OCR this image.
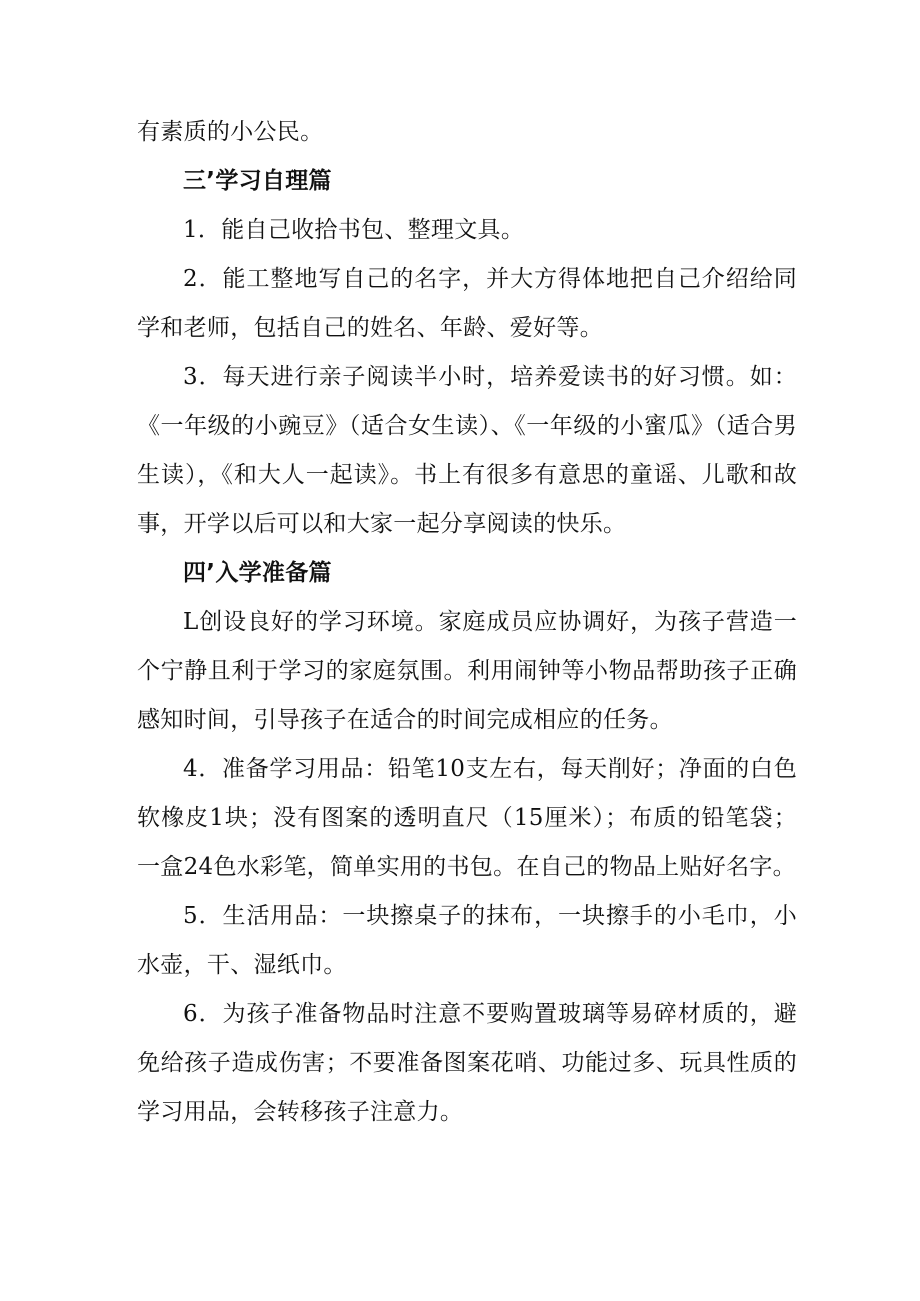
有素质的小公民。

三’学习自理篇

1．能自己收拾书包、整理文具。

2．能工整地写自己的名字，并大方得体地把自己介绍给同学和老师，包括自己的姓名、年龄、爱好等。

3．每天进行亲子阅读半小时，培养爱读书的好习惯。如：《一年级的小豌豆》（适合女生读）、《一年级的小蜜瓜》（适合男生读），《和大人一起读》。书上有很多有意思的童谣、儿歌和故事，开学以后可以和大家一起分享阅读的快乐。

四’入学准备篇

L创设良好的学习环境。家庭成员应协调好，为孩子营造一个宁静且利于学习的家庭氛围。利用闹钟等小物品帮助孩子正确感知时间，引导孩子在适合的时间完成相应的任务。

4．准备学习用品：铅笔10支左右，每天削好；净面的白色软橡皮1块；没有图案的透明直尺（15厘米）；布质的铅笔袋；一盒24色水彩笔，简单实用的书包。在自己的物品上贴好名字。

5．生活用品：一块擦桌子的抹布，一块擦手的小毛巾，小水壶，干、湿纸巾。

6．为孩子准备物品时注意不要购置玻璃等易碎材质的，避免给孩子造成伤害；不要准备图案花哨、功能过多、玩具性质的学习用品，会转移孩子注意力。
